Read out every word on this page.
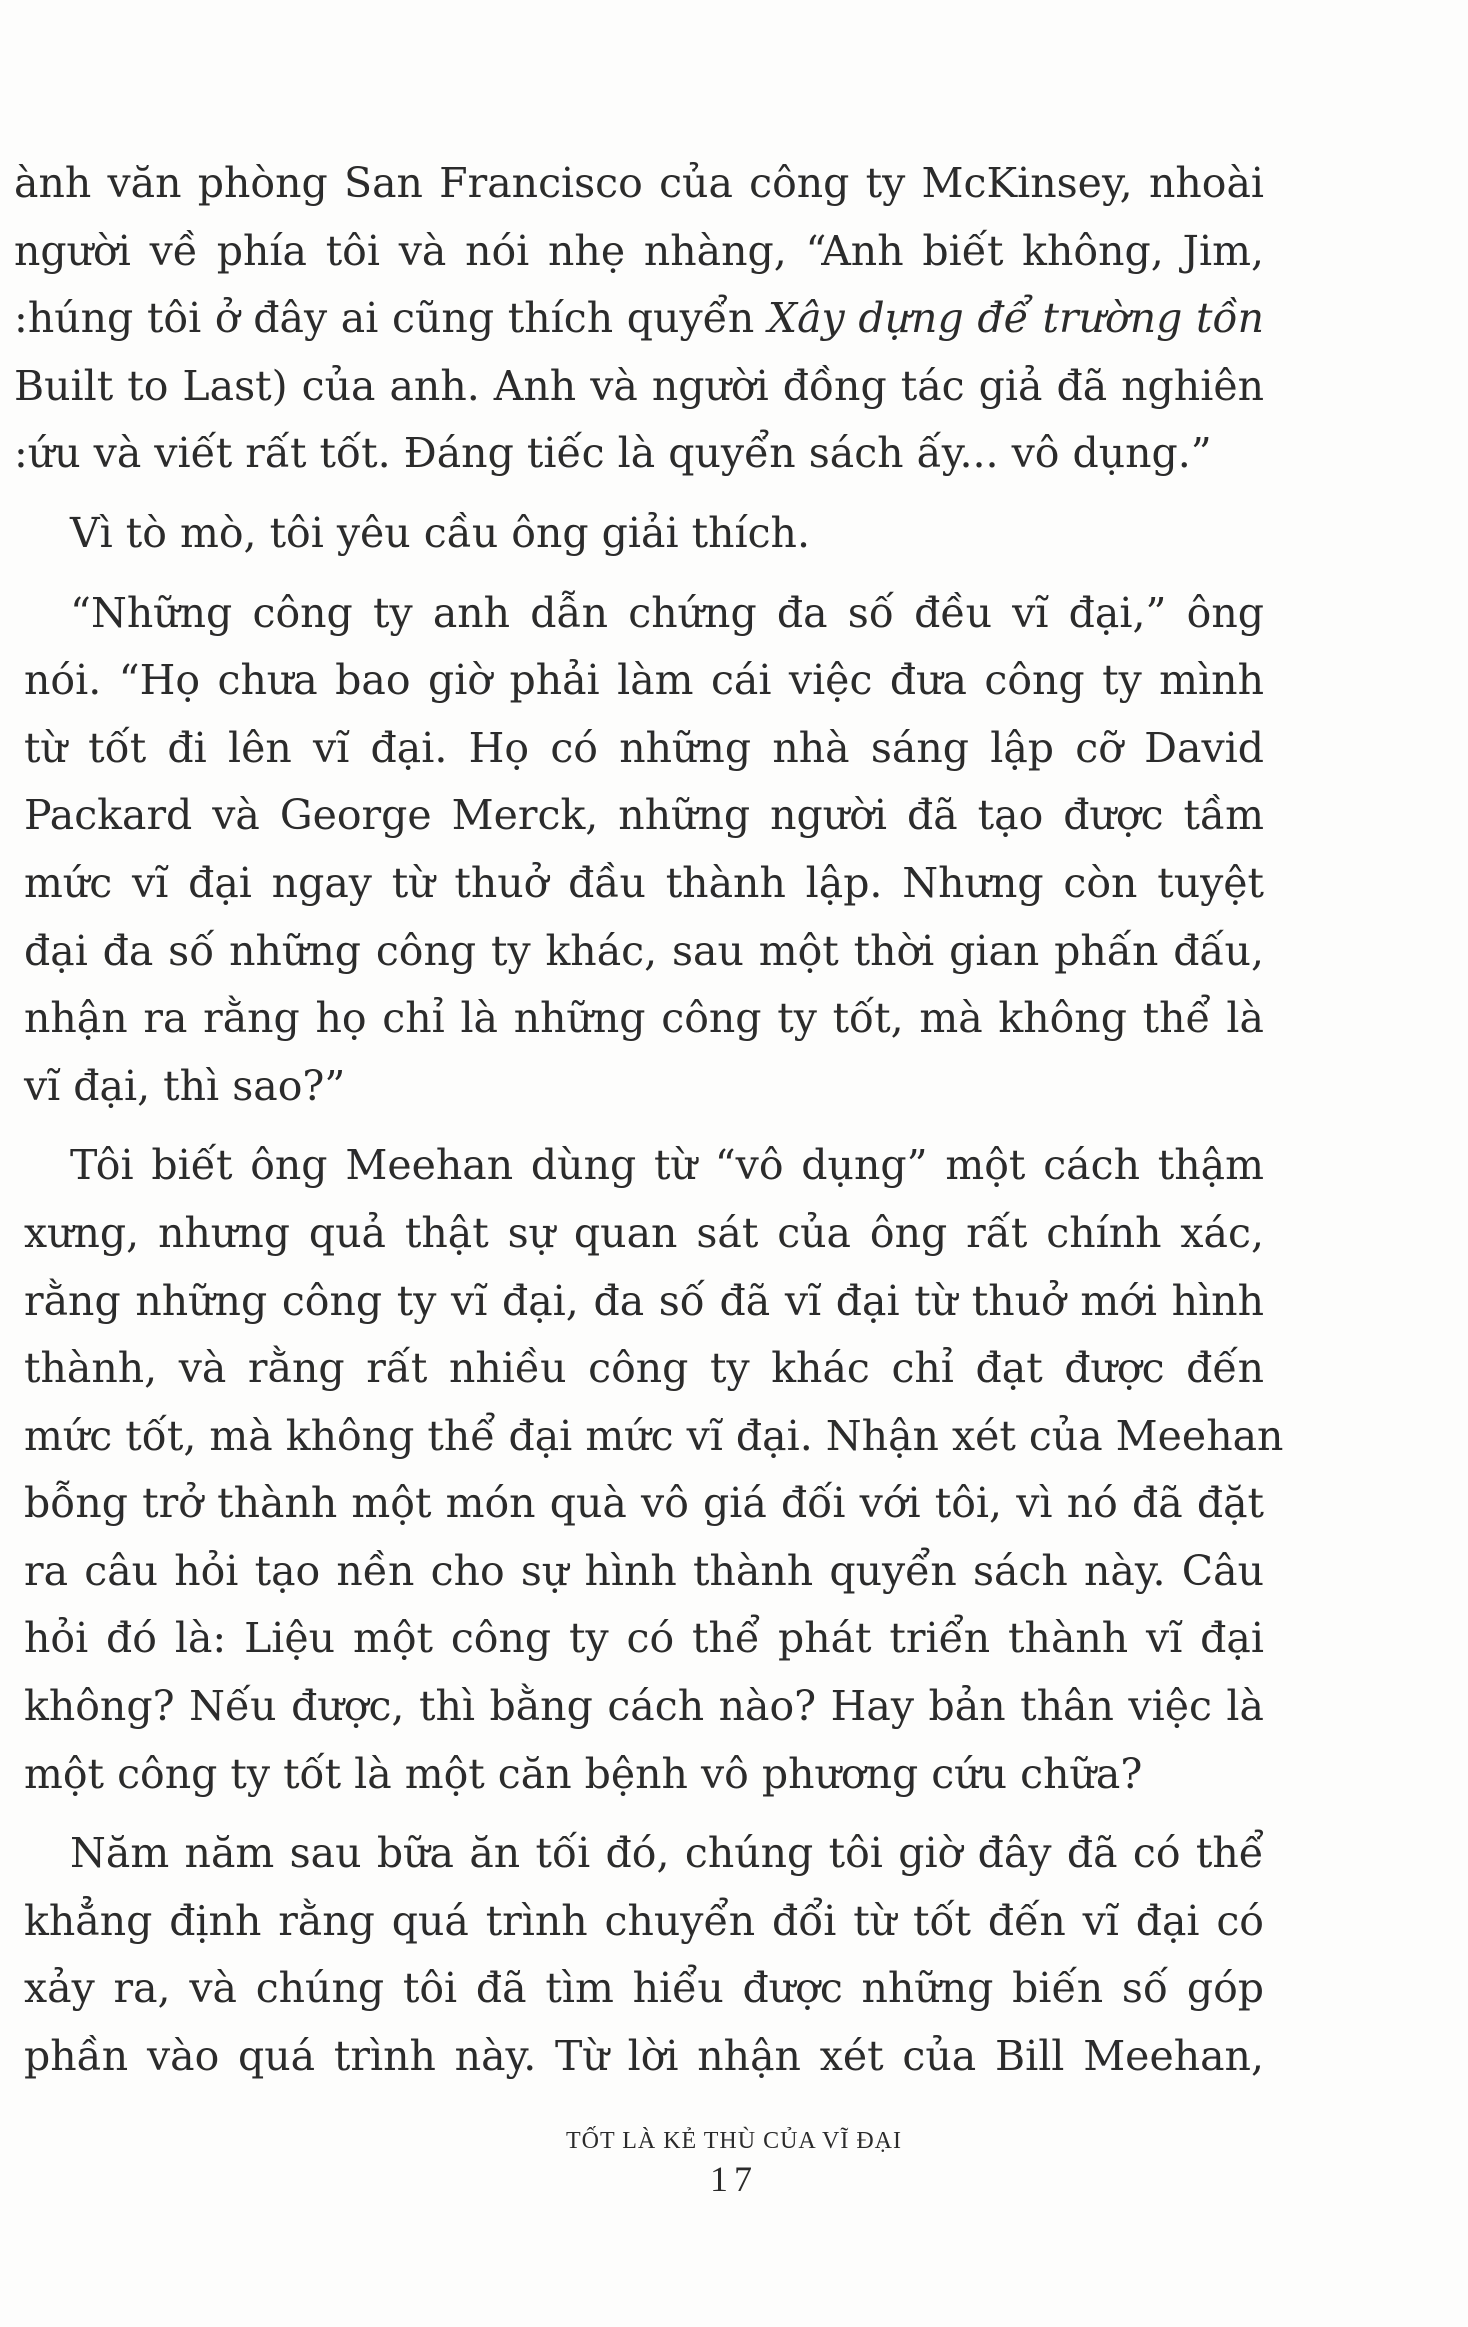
ành văn phòng San Francisco của công ty McKinsey, nhoài
người về phía tôi và nói nhẹ nhàng, “Anh biết không, Jim,
:húng tôi ở đây ai cũng thích quyển Xây dựng để trường tồn
Built to Last) của anh. Anh và người đồng tác giả đã nghiên
:ứu và viết rất tốt. Đáng tiếc là quyển sách ấy... vô dụng.”
Vì tò mò, tôi yêu cầu ông giải thích.
“Những công ty anh dẫn chứng đa số đều vĩ đại,” ông
nói. “Họ chưa bao giờ phải làm cái việc đưa công ty mình
từ tốt đi lên vĩ đại. Họ có những nhà sáng lập cỡ David
Packard và George Merck, những người đã tạo được tầm
mức vĩ đại ngay từ thuở đầu thành lập. Nhưng còn tuyệt
đại đa số những công ty khác, sau một thời gian phấn đấu,
nhận ra rằng họ chỉ là những công ty tốt, mà không thể là
vĩ đại, thì sao?”
Tôi biết ông Meehan dùng từ “vô dụng” một cách thậm
xưng, nhưng quả thật sự quan sát của ông rất chính xác,
rằng những công ty vĩ đại, đa số đã vĩ đại từ thuở mới hình
thành, và rằng rất nhiều công ty khác chỉ đạt được đến
mức tốt, mà không thể đại mức vĩ đại. Nhận xét của Meehan
bỗng trở thành một món quà vô giá đối với tôi, vì nó đã đặt
ra câu hỏi tạo nền cho sự hình thành quyển sách này. Câu
hỏi đó là: Liệu một công ty có thể phát triển thành vĩ đại
không? Nếu được, thì bằng cách nào? Hay bản thân việc là
một công ty tốt là một căn bệnh vô phương cứu chữa?
Năm năm sau bữa ăn tối đó, chúng tôi giờ đây đã có thể
khẳng định rằng quá trình chuyển đổi từ tốt đến vĩ đại có
xảy ra, và chúng tôi đã tìm hiểu được những biến số góp
phần vào quá trình này. Từ lời nhận xét của Bill Meehan,
TỐT LÀ KẺ THÙ CỦA VĨ ĐẠI
17
